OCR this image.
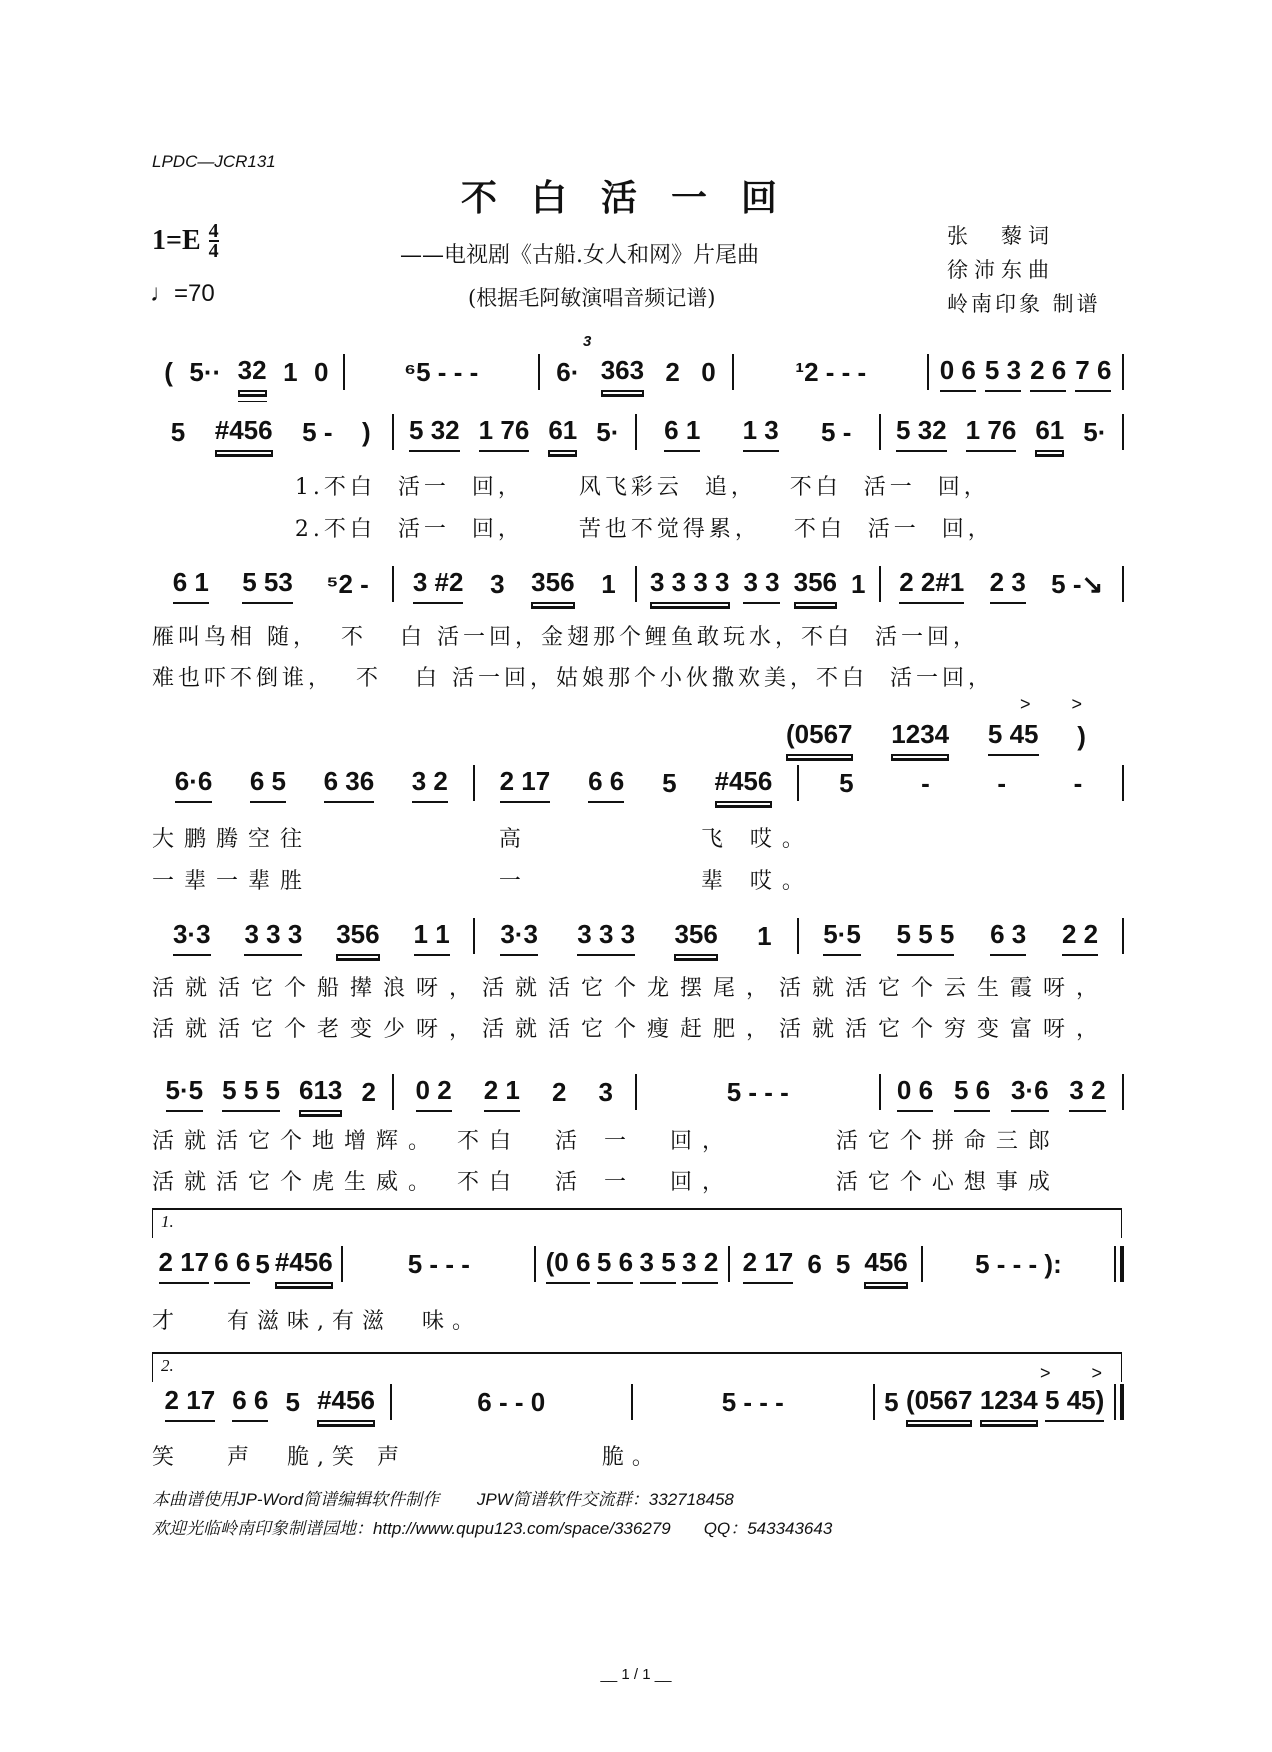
LPDC—JCR131
不白活一回
$1=E \frac{4}{4}$
♩=70
——电视剧《古船.女人和网》片尾曲
(根据毛阿敏演唱音频记谱)
张　藜词
徐沛东曲
岭南印象 制谱
( 5·· 32 1 0	⁶5 - - -	6· 363 2 0	¹2 - - -	0 6 5 3 2 6 7 6
5 #456 5 - ) 5 32 1 76 61 5· 6 1 1 3 5 - 5 32 1 76 61 5·
6 1 5 53 ⁵2 - 3 #2 3 356 1 3 3 3 3 3 3 356 1 2 2#1 2 3 5 -↘
6·6 6 5 6 36 3 2 2 17 6 6 5 #456	5	-	-	-
3·3 3 3 3 356 1 1 3·3 3 3 3 356 1 5·5 5 5 5 6 3 2 2
5·5 5 5 5 613 2 0 2 2 1 2 3	5 - - -	0 6 5 6 3·6 3 2
2 17 6 6 5 #456	5 - - -	(0 6 5 6 3 5 3 2 2 17 6 5 456	5 - - - ):
2 17 6 6 5 #456	6 - - 0	5 - - -	5 (0567 1234 5 45)
(0567 1234 5 45 )
> >
3
> >
1.
2.
1.不白  活一  回，     风飞彩云  追，   不白  活一  回，
2.不白  活一  回，     苦也不觉得累，   不白  活一  回，
雁叫鸟相 随，  不   白 活一回，金翅那个鲤鱼敢玩水，不白  活一回，
难也吓不倒谁，  不   白 活一回，姑娘那个小伙撒欢美，不白  活一回，
大鹏腾空往           高          飞 哎。
一辈一辈胜           一          辈 哎。
活就活它个船撵浪呀，活就活它个龙摆尾，活就活它个云生霞呀，
活就活它个老变少呀，活就活它个瘦赶肥，活就活它个穷变富呀，
活就活它个地增辉。 不白  活 一  回，      活它个拼命三郎
活就活它个虎生威。 不白  活 一  回，      活它个心想事成
才   有滋味,有滋  味。
笑   声  脆,笑 声             脆。
本曲谱使用JP-Word简谱编辑软件制作        JPW简谱软件交流群：332718458
欢迎光临岭南印象制谱园地：http://www.qupu123.com/space/336279       QQ：543343643
__ 1 / 1 __
